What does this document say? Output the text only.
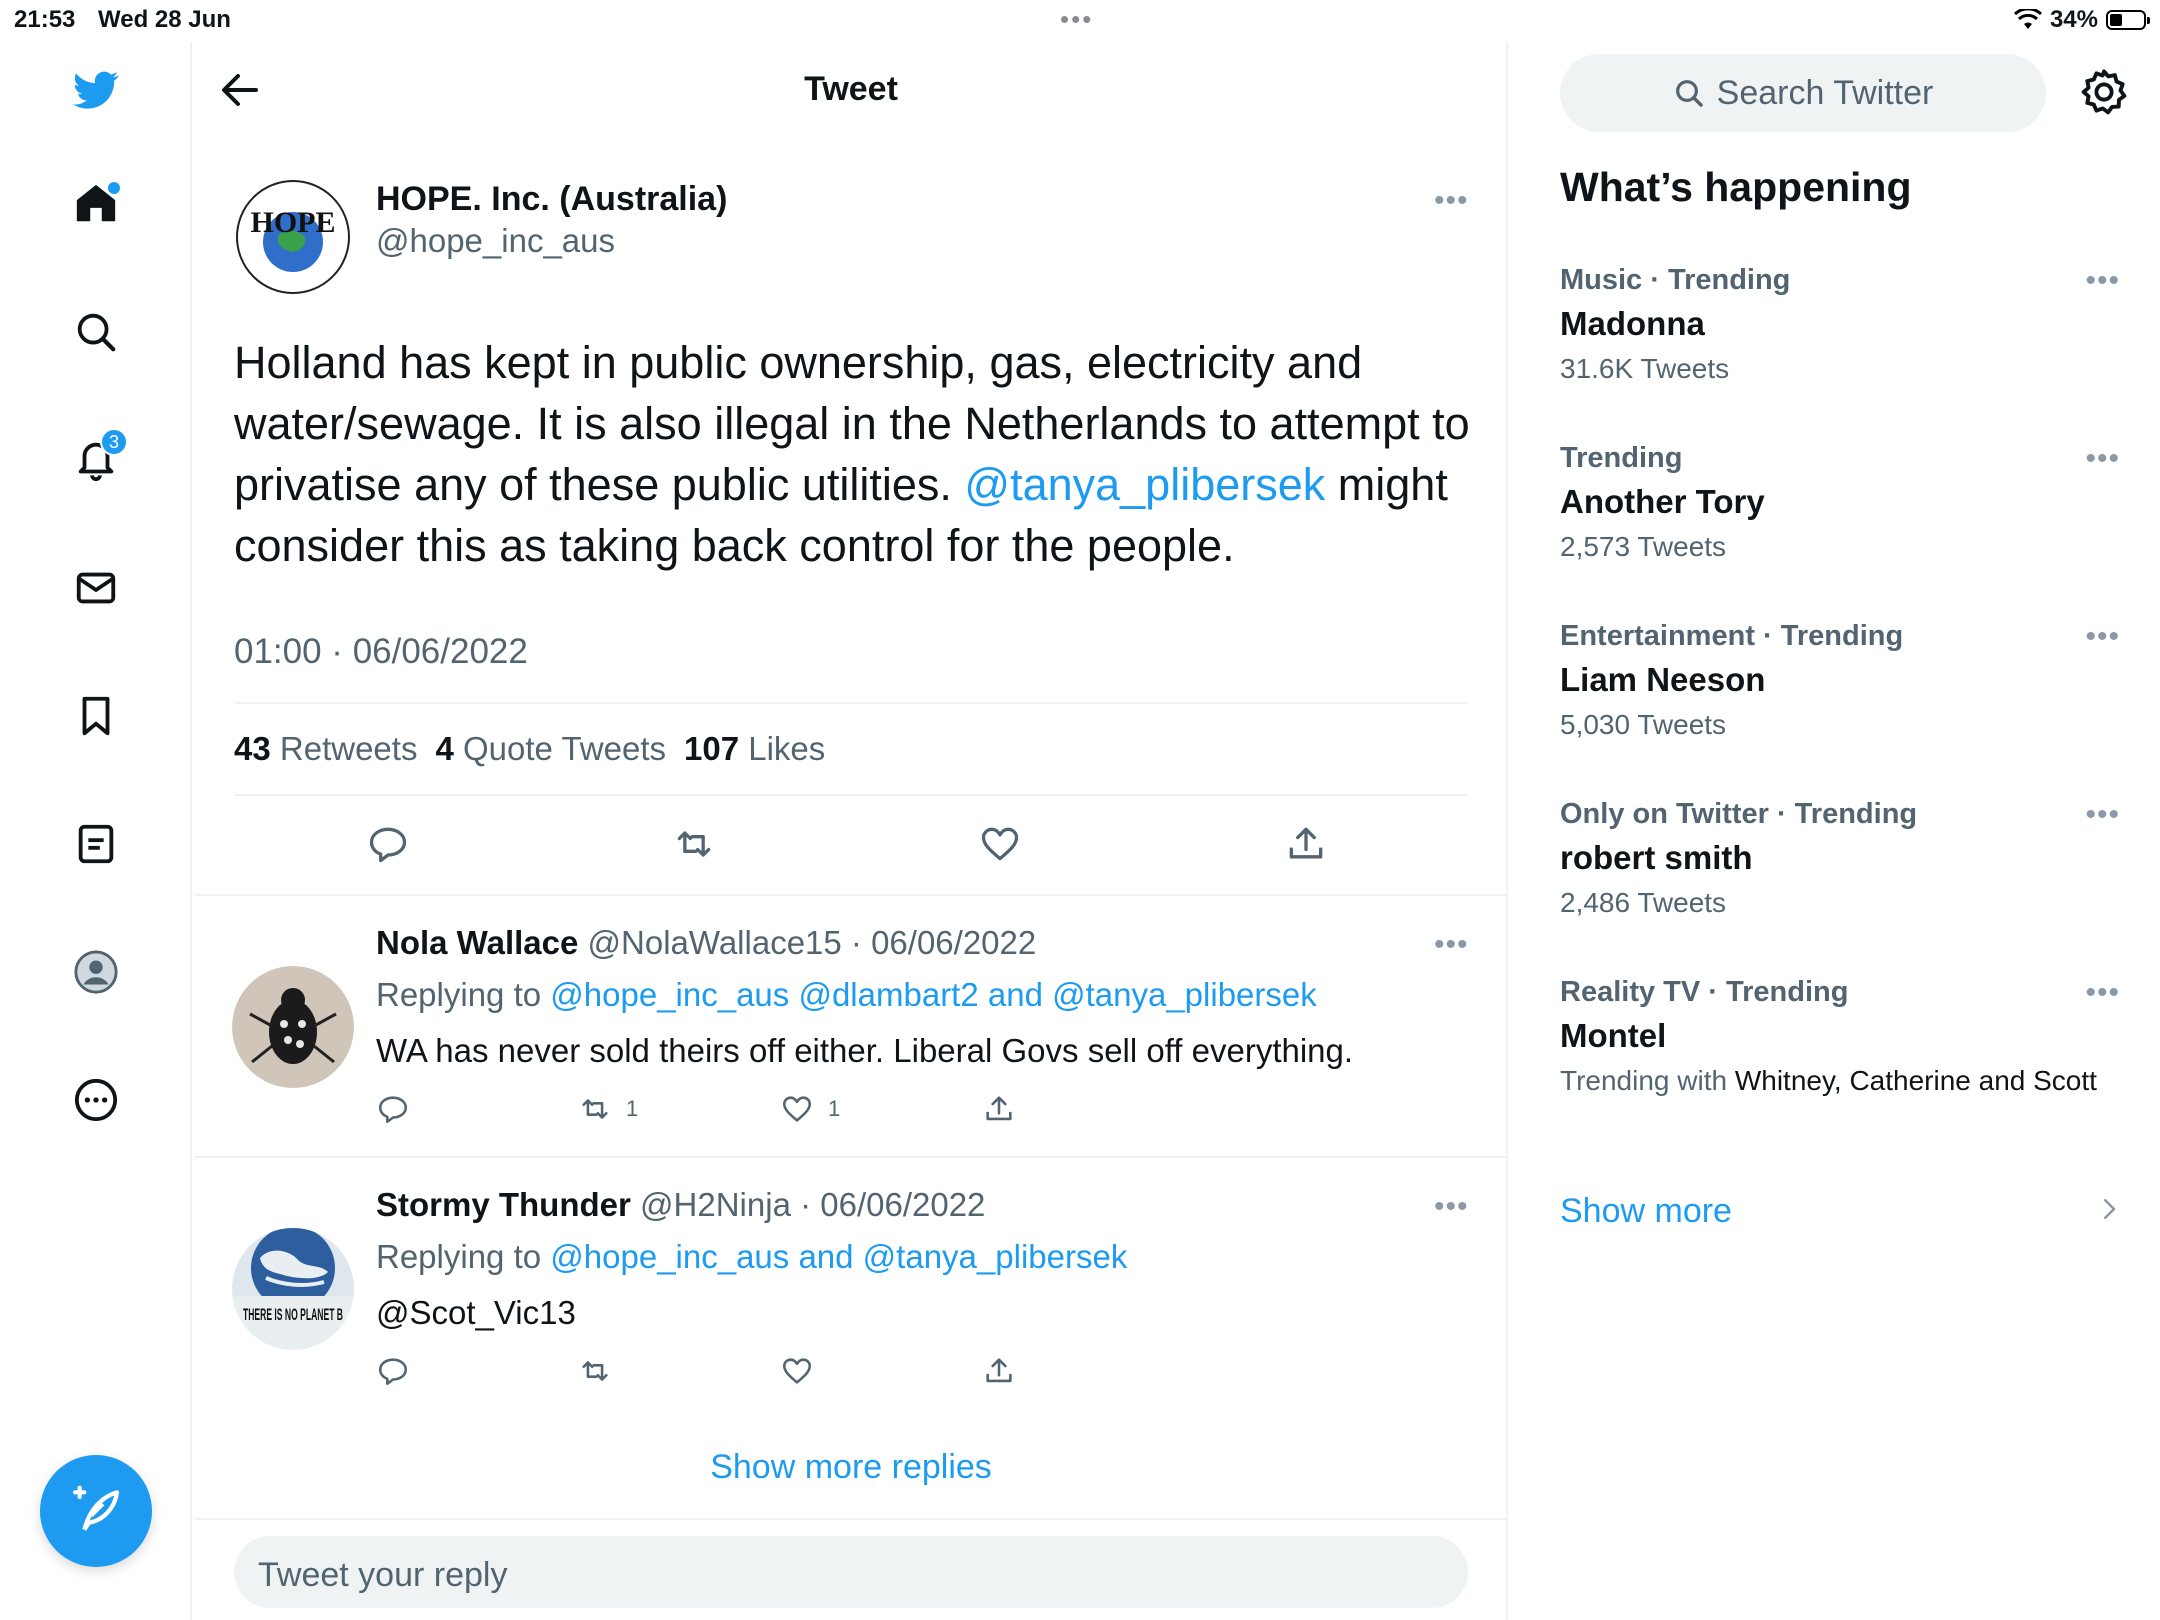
21:53 Wed 28 Jun	•••	34%
3
Tweet
HOPE
HOPE. Inc. (Australia)
@hope_inc_aus
•••
Holland has kept in public ownership, gas, electricity and water/sewage. It is also illegal in the Netherlands to attempt to privatise any of these public utilities. @tanya_plibersek might consider this as taking back control for the people.
01:00 · 06/06/2022
43 Retweets 4 Quote Tweets 107 Likes
Nola Wallace @NolaWallace15 · 06/06/2022	•••
Replying to @hope_inc_aus @dlambart2 and @tanya_plibersek
WA has never sold theirs off either. Liberal Govs sell off everything.
1	1
THERE IS NO PLANET B
Stormy Thunder @H2Ninja · 06/06/2022	•••
Replying to @hope_inc_aus and @tanya_plibersek
@Scot_Vic13
Show more replies
Tweet your reply
Search Twitter
What’s happening
Music · Trending
Madonna
31.6K Tweets
•••
Trending
Another Tory
2,573 Tweets
•••
Entertainment · Trending
Liam Neeson
5,030 Tweets
•••
Only on Twitter · Trending
robert smith
2,486 Tweets
•••
Reality TV · Trending
Montel
Trending with Whitney, Catherine and Scott
•••
Show more
